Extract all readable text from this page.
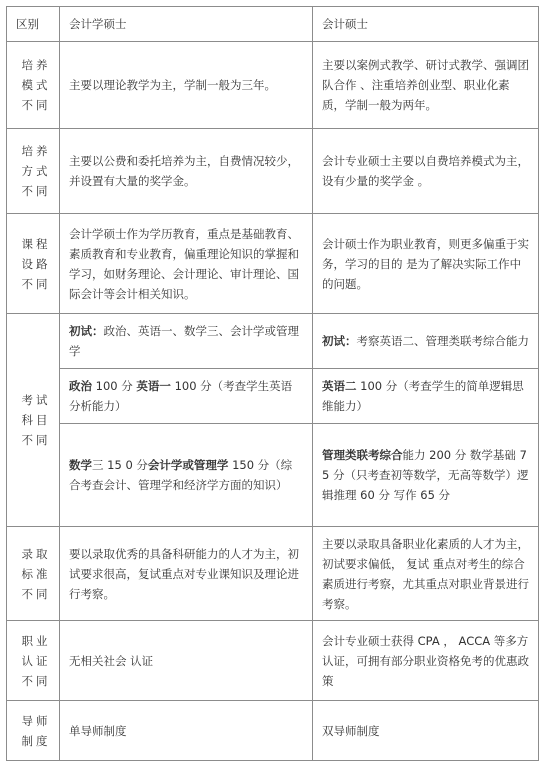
区别	会计学硕士	会计硕士
培养模式不同	主要以理论教学为主，学制一般为三年。	主要以案例式教学、研讨式教学、强调团队合作 、注重培养创业型、职业化素质，学制一般为两年。
培养方式不同	主要以公费和委托培养为主，自费情况较少，并设置有大量的奖学金。	会计专业硕士主要以自费培养模式为主，设有少量的奖学金 。
课程设路不同	会计学硕士作为学历教育，重点是基础教育、素质教育和专业教育，偏重理论知识的掌握和学习，如财务理论、会计理论、审计理论、国际会计等会计相关知识。	会计硕士作为职业教育，则更多偏重于实务，学习的目的 是为了解决实际工作中的问题。
考试科目不同	初试：政治、英语一、数学三、会计学或管理学	初试：考察英语二、管理类联考综合能力
	政治 100 分 英语一 100 分（考查学生英语 分析能力）	英语二 100 分（考查学生的简单逻辑思维能力）
	数学三 15 0 分会计学或管理学 150 分（综合考查会计、管理学和经济学方面的知识）	管理类联考综合能力 200 分 数学基础 75 分（只考查初等数学，无高等数学）逻辑推理 60 分 写作 65 分
录取标准不同	要以录取优秀的具备科研能力的人才为主，初试要求很高，复试重点对专业课知识及理论进行考察。	主要以录取具备职业化素质的人才为主，初试要求偏低， 复试 重点对考生的综合素质进行考察，尤其重点对职业背景进行考察。
职业认证不同	无相关社会 认证	会计专业硕士获得 CPA ， ACCA 等多方认证，可拥有部分职业资格免考的优惠政策
导师制度	单导师制度	双导师制度
